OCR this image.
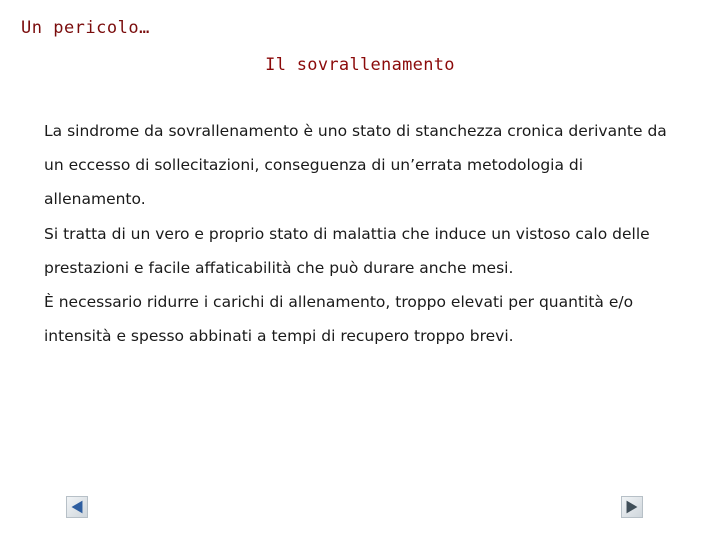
Un pericolo…
Il sovrallenamento

La sindrome da sovrallenamento è uno stato di stanchezza cronica derivante da un eccesso di sollecitazioni, conseguenza di un’errata metodologia di allenamento.

Si tratta di un vero e proprio stato di malattia che induce un vistoso calo delle prestazioni e facile affaticabilità che può durare anche mesi.

È necessario ridurre i carichi di allenamento, troppo elevati per quantità e/o intensità e spesso abbinati a tempi di recupero troppo brevi.
